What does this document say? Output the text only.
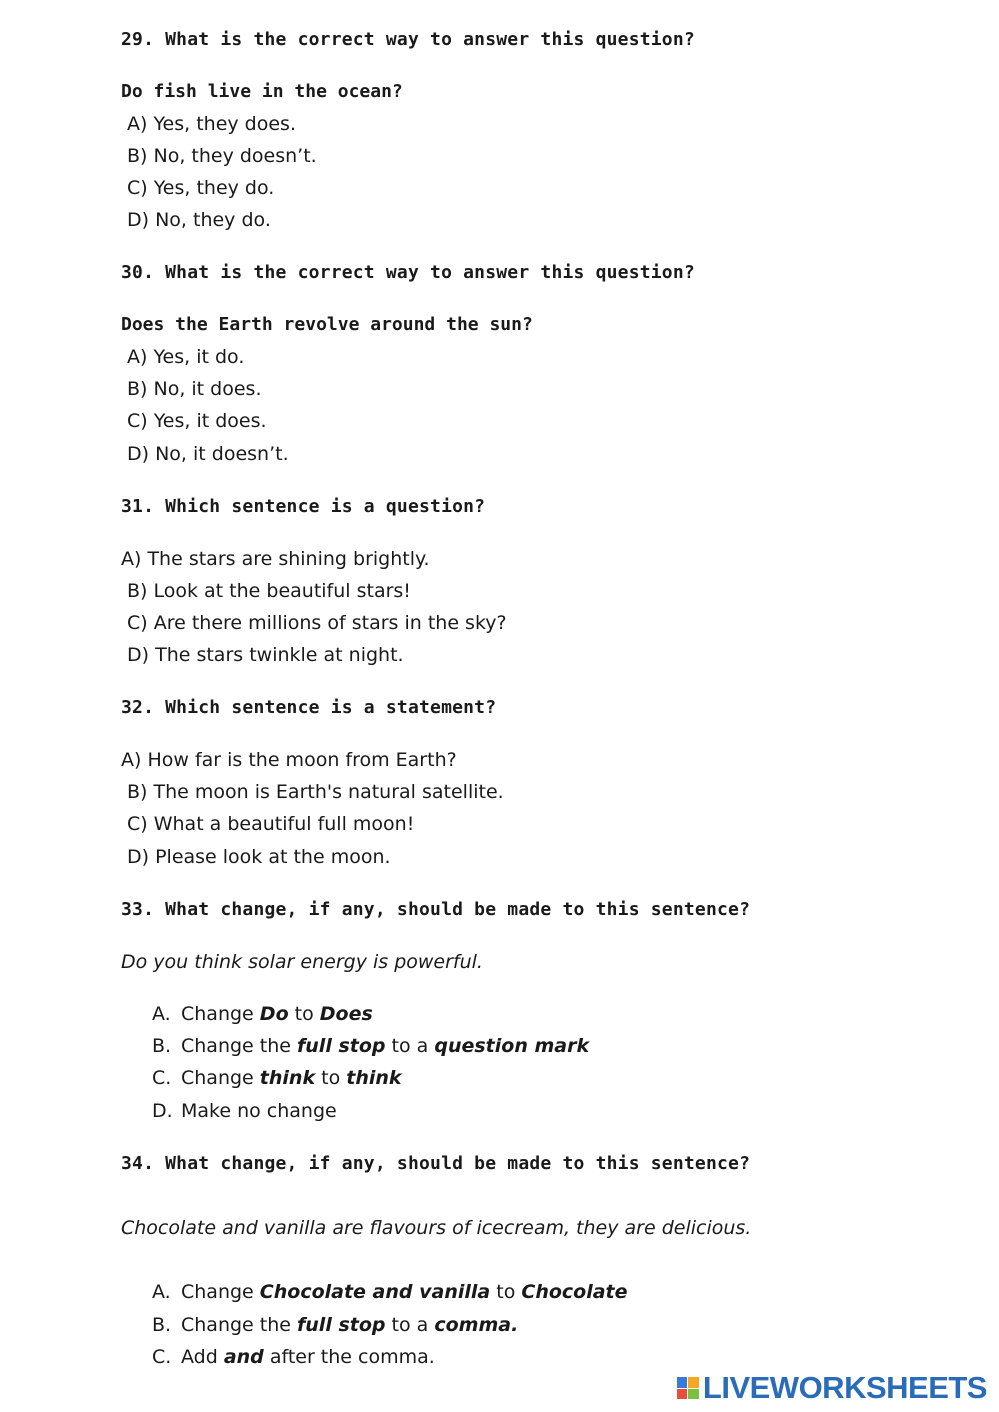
29. What is the correct way to answer this question?
Do fish live in the ocean?
A) Yes, they does.
B) No, they doesn’t.
C) Yes, they do.
D) No, they do.
30. What is the correct way to answer this question?
Does the Earth revolve around the sun?
A) Yes, it do.
B) No, it does.
C) Yes, it does.
D) No, it doesn’t.
31. Which sentence is a question?
A) The stars are shining brightly.
B) Look at the beautiful stars!
C) Are there millions of stars in the sky?
D) The stars twinkle at night.
32. Which sentence is a statement?
A) How far is the moon from Earth?
B) The moon is Earth's natural satellite.
C) What a beautiful full moon!
D) Please look at the moon.
33. What change, if any, should be made to this sentence?
Do you think solar energy is powerful.
A. Change Do to Does
B. Change the full stop to a question mark
C. Change think to think
D. Make no change
34. What change, if any, should be made to this sentence?
Chocolate and vanilla are flavours of icecream, they are delicious.
A. Change Chocolate and vanilla to Chocolate
B. Change the full stop to a comma.
C. Add and after the comma.
LIVEWORKSHEETS
